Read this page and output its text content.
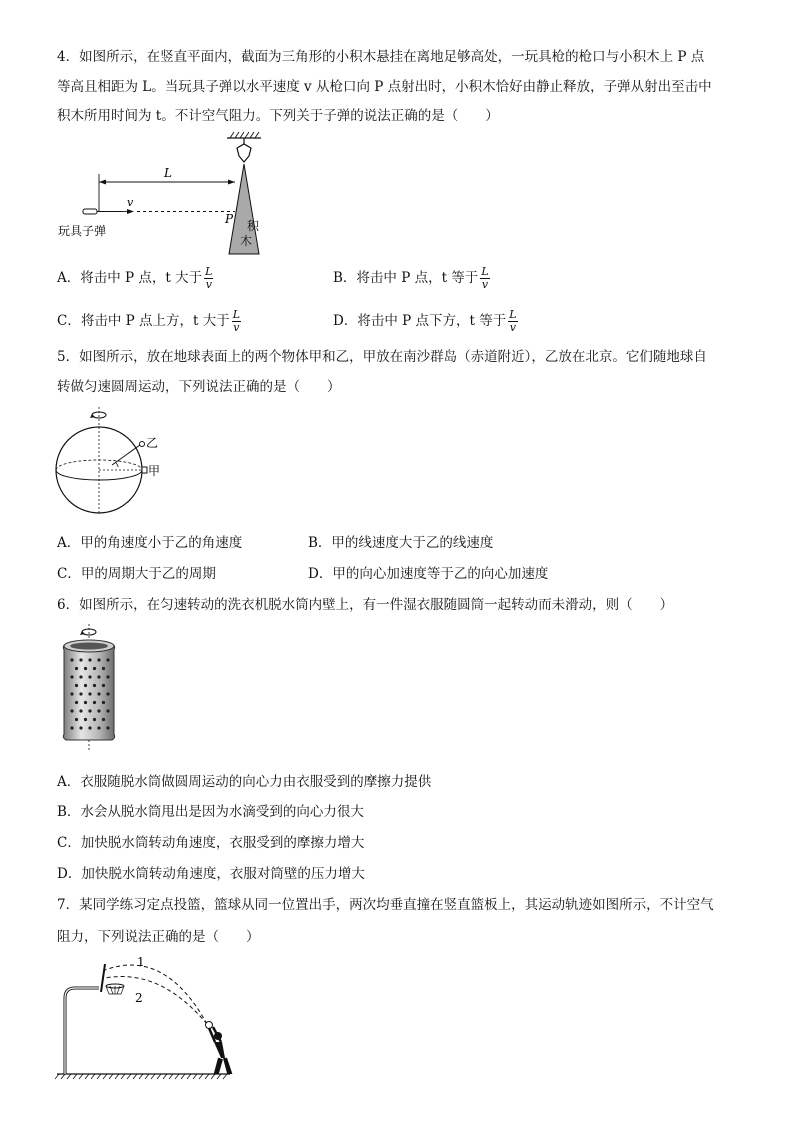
4．如图所示，在竖直平面内，截面为三角形的小积木悬挂在离地足够高处，一玩具枪的枪口与小积木上 P 点
等高且相距为 L。当玩具子弹以水平速度 v 从枪口向 P 点射出时，小积木恰好由静止释放，子弹从射出至击中
积木所用时间为 t。不计空气阻力。下列关于子弹的说法正确的是（　　）
积
木
L
v
P
玩具子弹
A．将击中 P 点，t 大于 $\frac{L}{v}$	B．将击中 P 点，t 等于 $\frac{L}{v}$
C．将击中 P 点上方，t 大于 $\frac{L}{v}$	D．将击中 P 点下方，t 等于 $\frac{L}{v}$
5．如图所示，放在地球表面上的两个物体甲和乙，甲放在南沙群岛（赤道附近），乙放在北京。它们随地球自
转做匀速圆周运动，下列说法正确的是（　　）
乙
甲
A．甲的角速度小于乙的角速度	B．甲的线速度大于乙的线速度
C．甲的周期大于乙的周期	D．甲的向心加速度等于乙的向心加速度
6．如图所示，在匀速转动的洗衣机脱水筒内壁上，有一件湿衣服随圆筒一起转动而未滑动，则（　　）
A．衣服随脱水筒做圆周运动的向心力由衣服受到的摩擦力提供
B．水会从脱水筒甩出是因为水滴受到的向心力很大
C．加快脱水筒转动角速度，衣服受到的摩擦力增大
D．加快脱水筒转动角速度，衣服对筒壁的压力增大
7．某同学练习定点投篮，篮球从同一位置出手，两次均垂直撞在竖直篮板上，其运动轨迹如图所示，不计空气
阻力，下列说法正确的是（　　）
1
2
